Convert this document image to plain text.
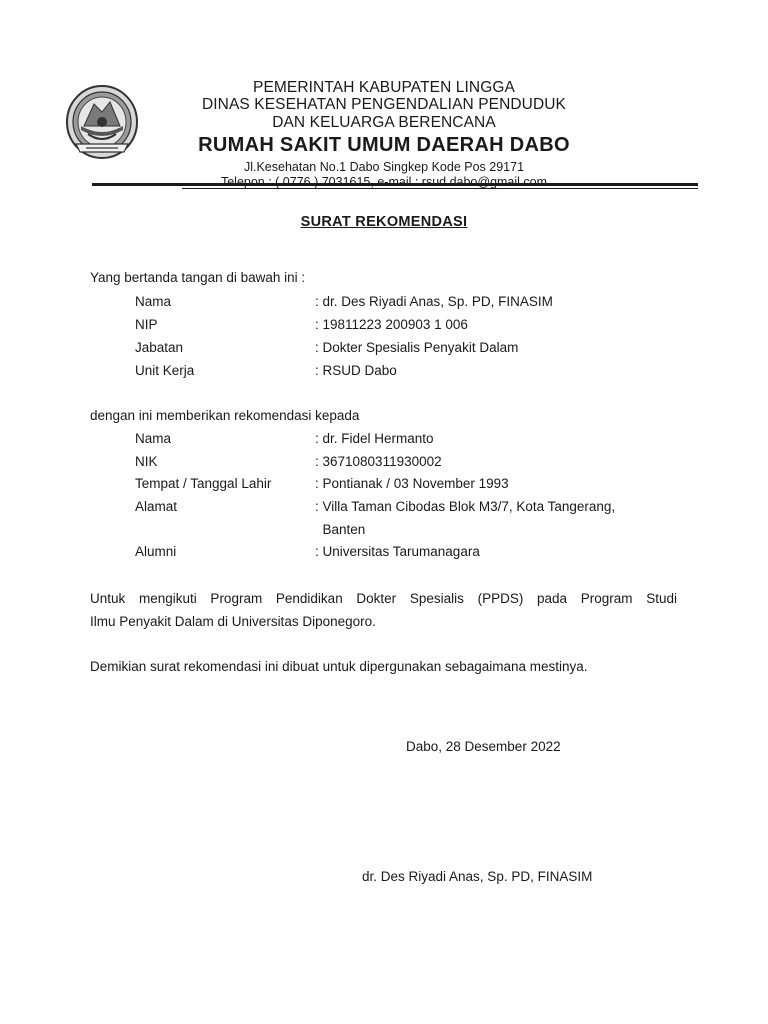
PEMERINTAH KABUPATEN LINGGA
DINAS KESEHATAN PENGENDALIAN PENDUDUK
DAN KELUARGA BERENCANA
RUMAH SAKIT UMUM DAERAH DABO
Jl.Kesehatan No.1 Dabo Singkep Kode Pos 29171
SURAT REKOMENDASI
Yang bertanda tangan di bawah ini :
Nama	: dr. Des Riyadi Anas, Sp. PD, FINASIM
NIP	: 19811223 200903 1 006
Jabatan	: Dokter Spesialis Penyakit Dalam
Unit Kerja	: RSUD Dabo
dengan ini memberikan rekomendasi kepada
Nama	: dr. Fidel Hermanto
NIK	: 3671080311930002
Tempat / Tanggal Lahir	: Pontianak / 03 November 1993
Alamat	: Villa Taman Cibodas Blok M3/7, Kota Tangerang,
Banten
Alumni	: Universitas Tarumanagara
Untuk mengikuti Program Pendidikan Dokter Spesialis (PPDS) pada Program Studi
Ilmu Penyakit Dalam di Universitas Diponegoro.
Demikian surat rekomendasi ini dibuat untuk dipergunakan sebagaimana mestinya.
Dabo, 28 Desember 2022
dr. Des Riyadi Anas, Sp. PD, FINASIM
